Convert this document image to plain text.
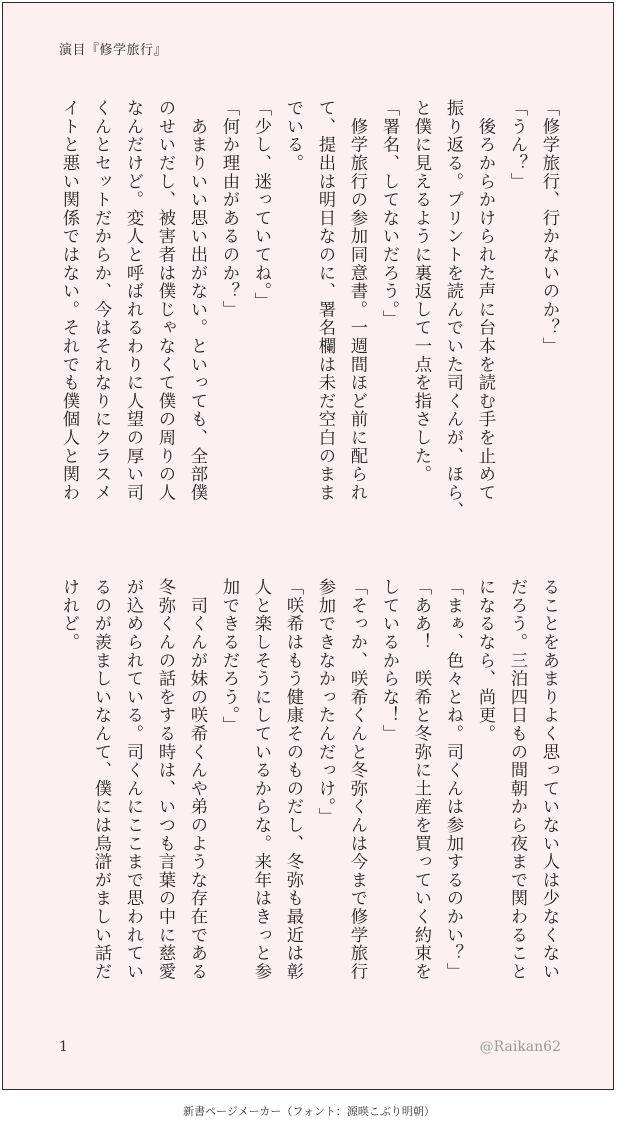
演目『修学旅行』
「修学旅行、行かないのか？」
「うん？」
　後ろからかけられた声に台本を読む手を止めて
振り返る。プリントを読んでいた司くんが、ほら、
と僕に見えるように裏返して一点を指さした。
「署名、してないだろう。」
　修学旅行の参加同意書。一週間ほど前に配られ
て、提出は明日なのに、署名欄は未だ空白のまま
でいる。
「少し、迷っていてね。」
「何か理由があるのか？」
　あまりいい思い出がない。といっても、全部僕
のせいだし、被害者は僕じゃなくて僕の周りの人
なんだけど。変人と呼ばれるわりに人望の厚い司
くんとセットだからか、今はそれなりにクラスメ
イトと悪い関係ではない。それでも僕個人と関わ
ることをあまりよく思っていない人は少なくない
だろう。三泊四日もの間朝から夜まで関わること
になるなら、尚更。
「まぁ、色々とね。司くんは参加するのかい？」
「ああ！　咲希と冬弥に土産を買っていく約束を
しているからな！」
「そっか、咲希くんと冬弥くんは今まで修学旅行
参加できなかったんだっけ。」
「咲希はもう健康そのものだし、冬弥も最近は彰
人と楽しそうにしているからな。来年はきっと参
加できるだろう。」
　司くんが妹の咲希くんや弟のような存在である
冬弥くんの話をする時は、いつも言葉の中に慈愛
が込められている。司くんにここまで思われてい
るのが羨ましいなんて、僕には烏滸がましい話だ
けれど。
1	@Raikan62
新書ページメーカー（フォント：源暎こぶり明朝）
